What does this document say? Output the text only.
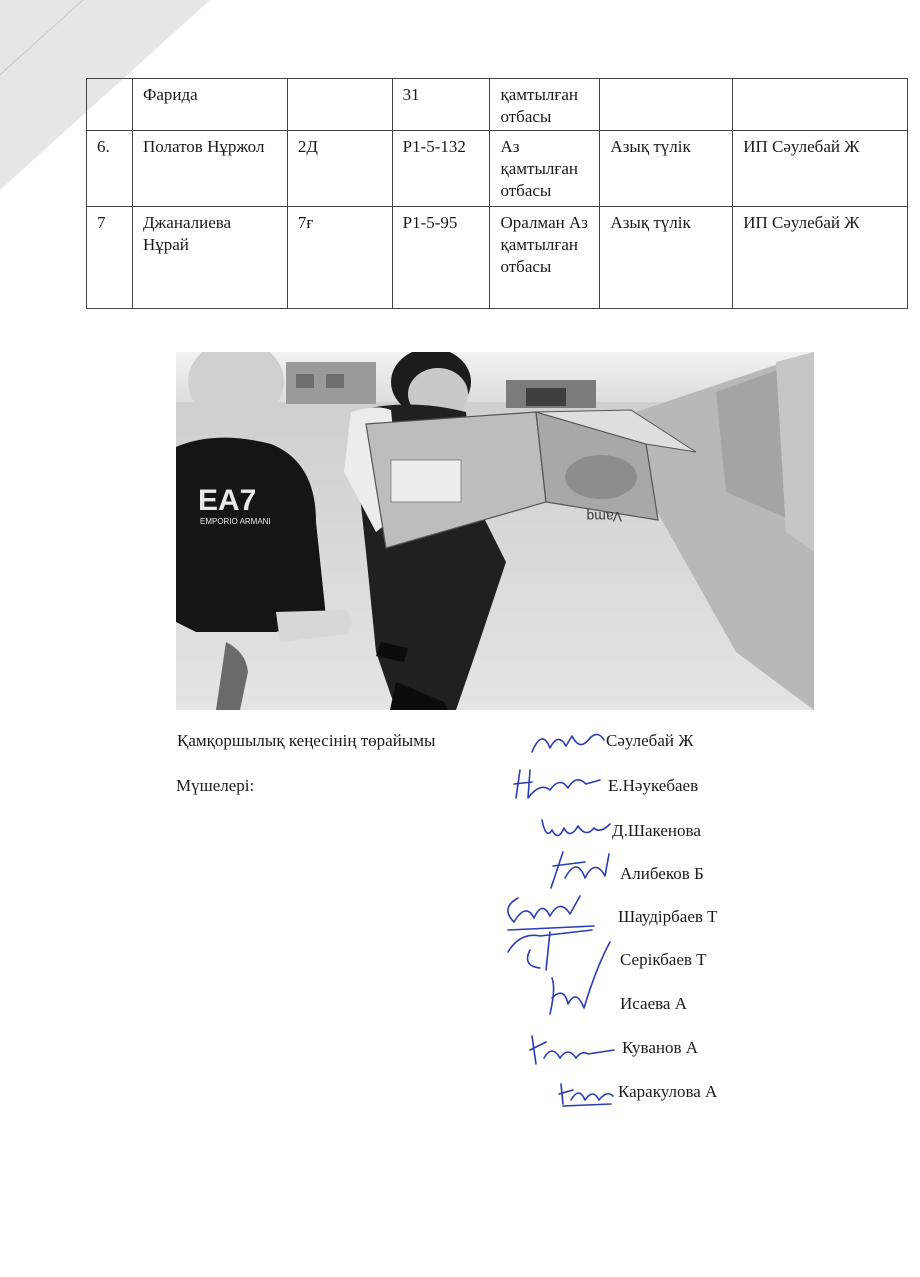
	Фарида		31	қамтылған отбасы		
6.	Полатов Нұржол	2Д	Р1-5-132	Аз қамтылған отбасы	Азық түлік	ИП Сәулебай Ж
7	Джаналиева Нұрай	7ғ	Р1-5-95	Оралман Аз қамтылған отбасы	Азық түлік	ИП Сәулебай Ж
EA7
EMPORIO ARMANI	Vamq
Қамқоршылық кеңесінің төрайымы
Мүшелері:
Сәулебай Ж
Е.Нәукебаев
Д.Шакенова
Алибеков Б
Шаудірбаев Т
Серікбаев Т
Исаева А
Куванов А
Каракулова А
